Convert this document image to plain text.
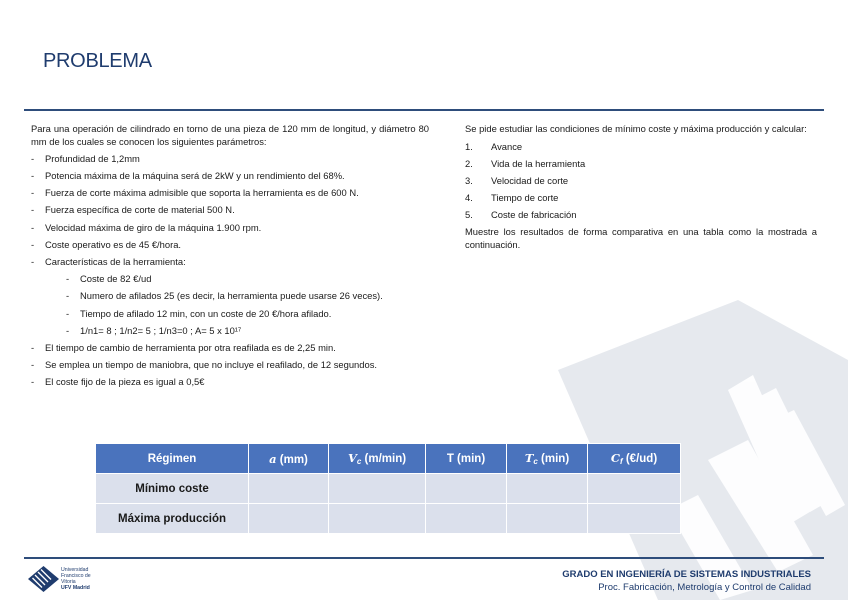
PROBLEMA

Para una operación de cilindrado en torno de una pieza de 120 mm de longitud, y diámetro 80 mm de los cuales se conocen los siguientes parámetros:

- Profundidad de 1,2mm
- Potencia máxima de la máquina será de 2kW y un rendimiento del 68%.
- Fuerza de corte máxima admisible que soporta la herramienta es de 600 N.
- Fuerza específica de corte de material 500 N.
- Velocidad máxima de giro de la máquina 1.900 rpm.
- Coste operativo es de 45 €/hora.
- Características de la herramienta:
- Coste de 82 €/ud
- Numero de afilados 25 (es decir, la herramienta puede usarse 26 veces).
- Tiempo de afilado 12 min, con un coste de 20 €/hora afilado.
- 1/n1= 8 ; 1/n2= 5 ; 1/n3=0 ; A= 5 x 10¹⁷
- El tiempo de cambio de herramienta por otra reafilada es de 2,25 min.
- Se emplea un tiempo de maniobra, que no incluye el reafilado, de 12 segundos.
- El coste fijo de la pieza es igual a 0,5€

Se pide estudiar las condiciones de mínimo coste y máxima producción y calcular:

1. Avance
2. Vida de la herramienta
3. Velocidad de corte
4. Tiempo de corte
5. Coste de fabricación

Muestre los resultados de forma comparativa en una tabla como la mostrada a continuación.

Régimen	a (mm)	Vc (m/min)	T (min)	Tc (min)	Cf (€/ud)
Mínimo coste					
Máxima producción					
Universidad
Francisco de
Vitoria
UFV Madrid
GRADO EN INGENIERÍA DE SISTEMAS INDUSTRIALES
Proc. Fabricación, Metrología y Control de Calidad
